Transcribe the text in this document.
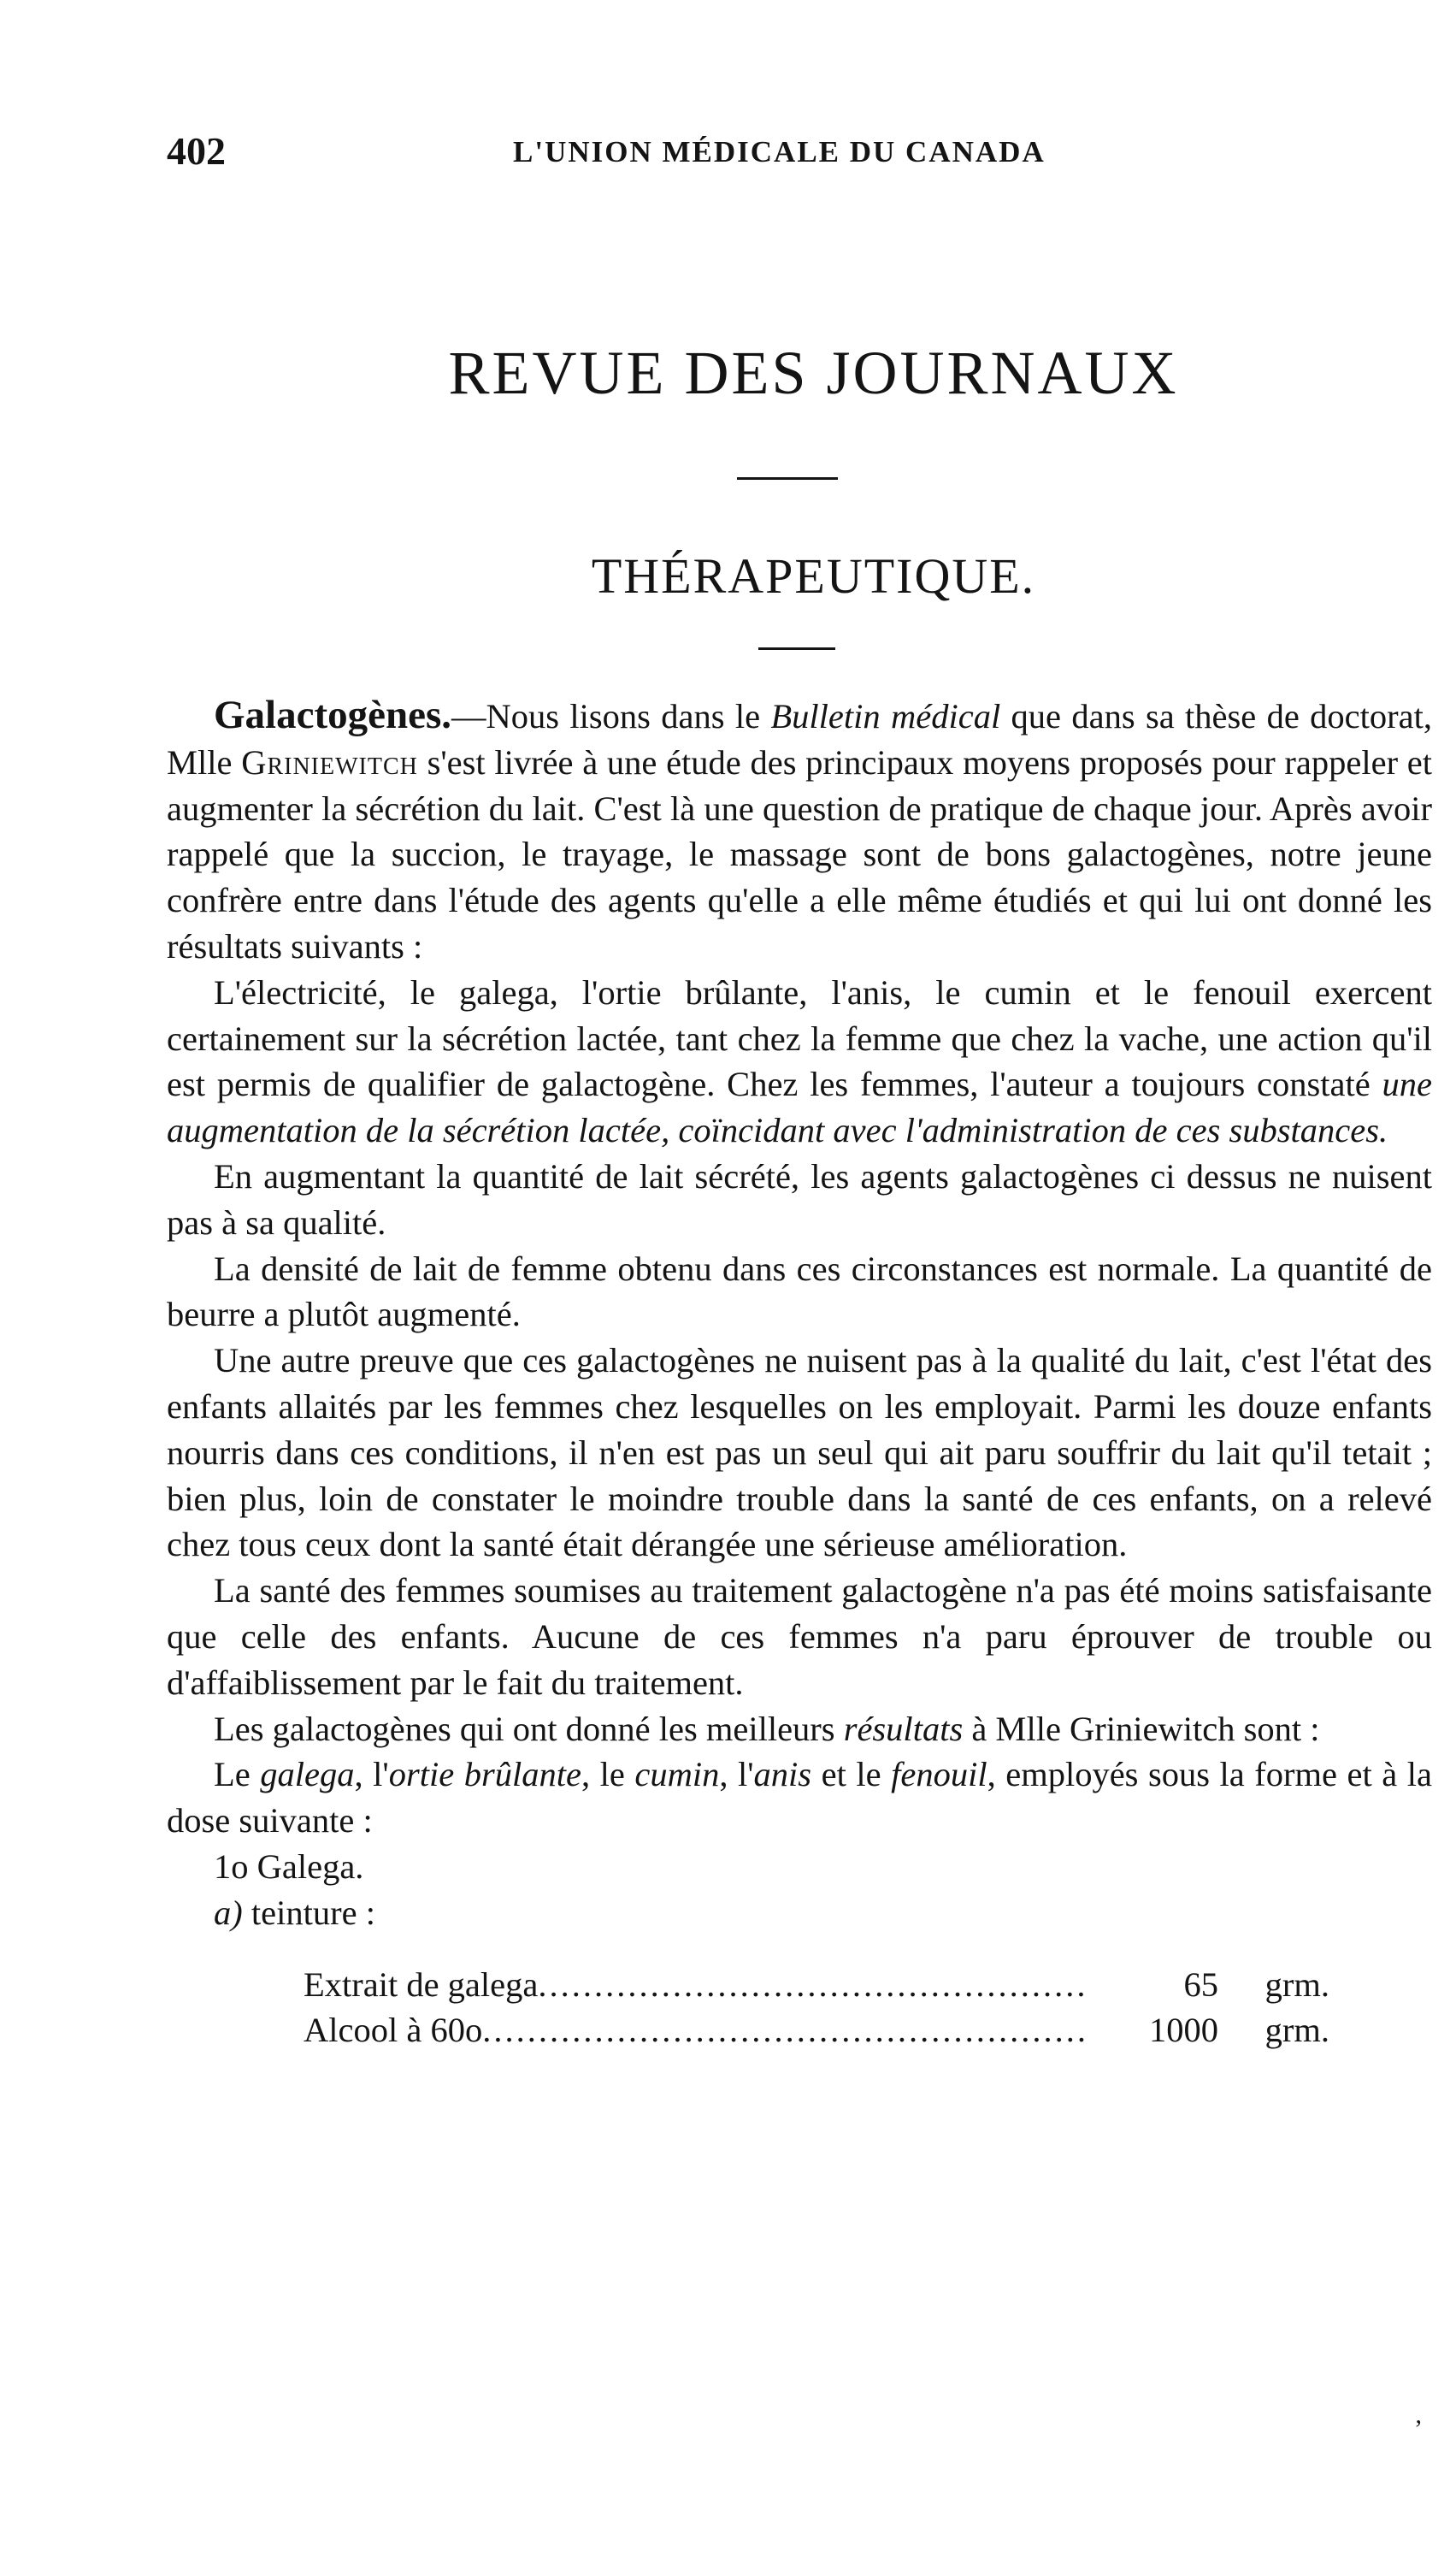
402	L'UNION MÉDICALE DU CANADA
REVUE DES JOURNAUX
THÉRAPEUTIQUE.

Galactogènes.—Nous lisons dans le Bulletin médical que dans sa thèse de doctorat, Mlle Griniewitch s'est livrée à une étude des principaux moyens proposés pour rappeler et augmenter la sécrétion du lait. C'est là une question de pratique de chaque jour. Après avoir rappelé que la succion, le trayage, le massage sont de bons galactogènes, notre jeune confrère entre dans l'étude des agents qu'elle a elle même étudiés et qui lui ont donné les résultats suivants :

L'électricité, le galega, l'ortie brûlante, l'anis, le cumin et le fenouil exercent certainement sur la sécrétion lactée, tant chez la femme que chez la vache, une action qu'il est permis de qualifier de galactogène. Chez les femmes, l'auteur a toujours constaté une augmentation de la sécrétion lactée, coïncidant avec l'administration de ces substances.

En augmentant la quantité de lait sécrété, les agents galactogènes ci dessus ne nuisent pas à sa qualité.

La densité de lait de femme obtenu dans ces circonstances est normale. La quantité de beurre a plutôt augmenté.

Une autre preuve que ces galactogènes ne nuisent pas à la qualité du lait, c'est l'état des enfants allaités par les femmes chez lesquelles on les employait. Parmi les douze enfants nourris dans ces conditions, il n'en est pas un seul qui ait paru souffrir du lait qu'il tetait ; bien plus, loin de constater le moindre trouble dans la santé de ces enfants, on a relevé chez tous ceux dont la santé était dérangée une sérieuse amélioration.

La santé des femmes soumises au traitement galactogène n'a pas été moins satisfaisante que celle des enfants. Aucune de ces femmes n'a paru éprouver de trouble ou d'affaiblissement par le fait du traitement.

Les galactogènes qui ont donné les meilleurs résultats à Mlle Griniewitch sont :

Le galega, l'ortie brûlante, le cumin, l'anis et le fenouil, employés sous la forme et à la dose suivante :

1o Galega.
a) teinture :
Extrait de galega .....	65	grm.
Alcool à 60o .....	1000	grm.
,
